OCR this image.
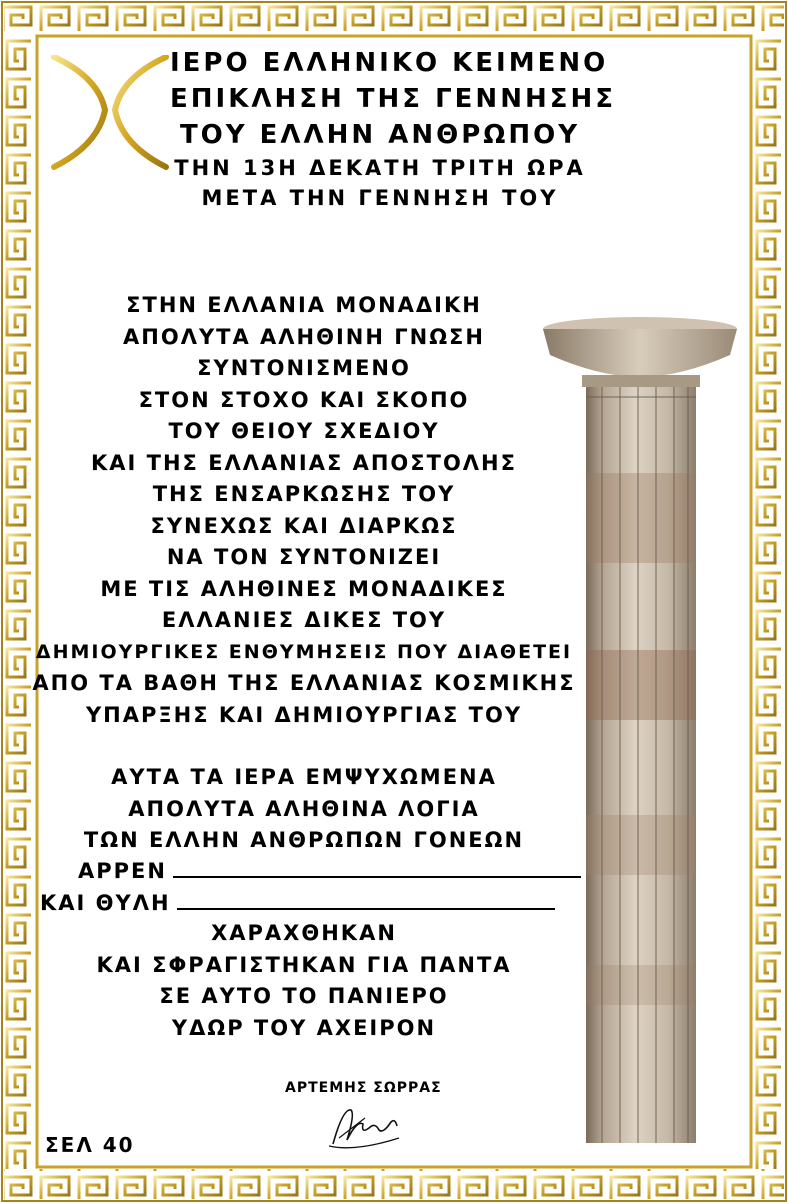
ΙΕΡΟ ΕΛΛΗΝΙΚΟ ΚΕΙΜΕΝΟ
ΕΠΙΚΛΗΣΗ ΤΗΣ ΓΕΝΝΗΣΗΣ
ΤΟΥ ΕΛΛΗΝ ΑΝΘΡΩΠΟΥ
ΤΗΝ 13Η ΔΕΚΑΤΗ ΤΡΙΤΗ ΩΡΑ
ΜΕΤΑ ΤΗΝ ΓΕΝΝΗΣΗ ΤΟΥ
ΣΤΗΝ ΕΛΛΑΝΙΑ ΜΟΝΑΔΙΚΗ
ΑΠΟΛΥΤΑ ΑΛΗΘΙΝΗ ΓΝΩΣΗ
ΣΥΝΤΟΝΙΣΜΕΝΟ
ΣΤΟΝ ΣΤΟΧΟ ΚΑΙ ΣΚΟΠΟ
ΤΟΥ ΘΕΙΟΥ ΣΧΕΔΙΟΥ
ΚΑΙ ΤΗΣ ΕΛΛΑΝΙΑΣ ΑΠΟΣΤΟΛΗΣ
ΤΗΣ ΕΝΣΑΡΚΩΣΗΣ ΤΟΥ
ΣΥΝΕΧΩΣ ΚΑΙ ΔΙΑΡΚΩΣ
ΝΑ ΤΟΝ ΣΥΝΤΟΝΙΖΕΙ
ΜΕ ΤΙΣ ΑΛΗΘΙΝΕΣ ΜΟΝΑΔΙΚΕΣ
ΕΛΛΑΝΙΕΣ ΔΙΚΕΣ ΤΟΥ
ΔΗΜΙΟΥΡΓΙΚΕΣ ΕΝΘΥΜΗΣΕΙΣ ΠΟΥ ΔΙΑΘΕΤΕΙ
ΑΠΟ ΤΑ ΒΑΘΗ ΤΗΣ ΕΛΛΑΝΙΑΣ ΚΟΣΜΙΚΗΣ
ΥΠΑΡΞΗΣ ΚΑΙ ΔΗΜΙΟΥΡΓΙΑΣ ΤΟΥ
ΑΥΤΑ ΤΑ ΙΕΡΑ ΕΜΨΥΧΩΜΕΝΑ
ΑΠΟΛΥΤΑ ΑΛΗΘΙΝΑ ΛΟΓΙΑ
ΤΩΝ ΕΛΛΗΝ ΑΝΘΡΩΠΩΝ ΓΟΝΕΩΝ
ΑΡΡΕΝ
ΚΑΙ ΘΥΛΗ
ΧΑΡΑΧΘΗΚΑΝ
ΚΑΙ ΣΦΡΑΓΙΣΤΗΚΑΝ ΓΙΑ ΠΑΝΤΑ
ΣΕ ΑΥΤΟ ΤΟ ΠΑΝΙΕΡΟ
ΥΔΩΡ ΤΟΥ ΑΧΕΙΡΟΝ
ΑΡΤΕΜΗΣ ΣΩΡΡΑΣ
ΣΕΛ 40
